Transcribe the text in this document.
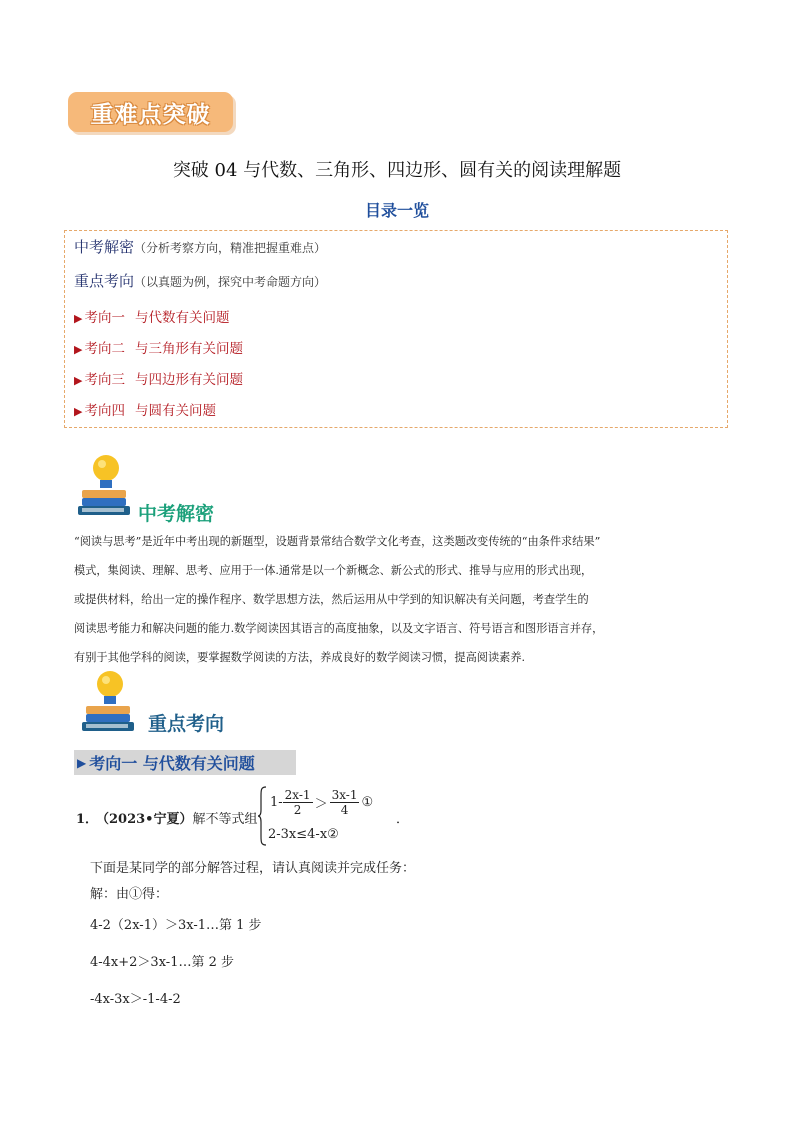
重难点突破
突破 04 与代数、三角形、四边形、圆有关的阅读理解题
目录一览
中考解密（分析考察方向，精准把握重难点）
重点考向（以真题为例，探究中考命题方向）
▶ 考向一 与代数有关问题
▶ 考向二 与三角形有关问题
▶ 考向三 与四边形有关问题
▶ 考向四 与圆有关问题
中考解密

“阅读与思考”是近年中考出现的新题型，设题背景常结合数学文化考查，这类题改变传统的“由条件求结果”

模式，集阅读、理解、思考、应用于一体.通常是以一个新概念、新公式的形式、推导与应用的形式出现，

或提供材料，给出一定的操作程序、数学思想方法，然后运用从中学到的知识解决有关问题，考查学生的

阅读思考能力和解决问题的能力.数学阅读因其语言的高度抽象，以及文字语言、符号语言和图形语言并存，

有别于其他学科的阅读，要掌握数学阅读的方法，养成良好的数学阅读习惯，提高阅读素养.

重点考向
▶ 考向一 与代数有关问题
1．
（2023•宁夏）解不等式组
$1- \frac{2x-1}{2} > \frac{3x-1}{4}$ ①
2-3x≤4-x②
．
下面是某同学的部分解答过程，请认真阅读并完成任务：
解：由①得：
4-2（2x-1）＞3x-1…第 1 步
4-4x+2＞3x-1…第 2 步
-4x-3x＞-1-4-2
